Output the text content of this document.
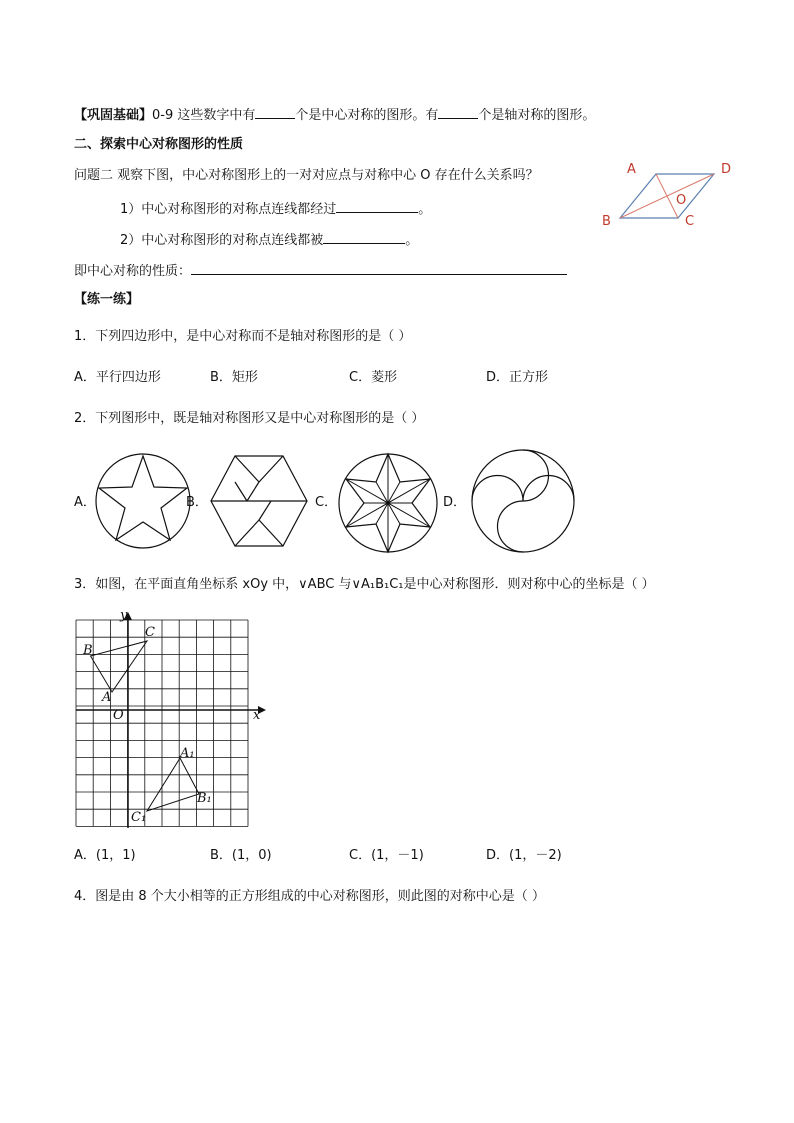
【巩固基础】0-9 这些数字中有	个是中心对称的图形。有	个是轴对称的图形。
二、探索中心对称图形的性质
问题二 观察下图，中心对称图形上的一对对应点与对称中心 O 存在什么关系吗？
1）中心对称图形的对称点连线都经过	。
2）中心对称图形的对称点连线都被	。
即中心对称的性质：
A	D
B	C
O
【练一练】
1．下列四边形中，是中心对称而不是轴对称图形的是（ ）
A．平行四边形	B．矩形	C．菱形	D．正方形
2．下列图形中，既是轴对称图形又是中心对称图形的是（ ）
A．	B．	C．	D．
3．如图，在平面直角坐标系 xOy 中，∨ABC 与∨A₁B₁C₁是中心对称图形．则对称中心的坐标是（ ）
y
x
O
A
B
C
A₁
B₁
C₁
A．(1，1)	B．(1，0)	C．(1，－1)	D．(1，－2)
4．图是由 8 个大小相等的正方形组成的中心对称图形，则此图的对称中心是（ ）
